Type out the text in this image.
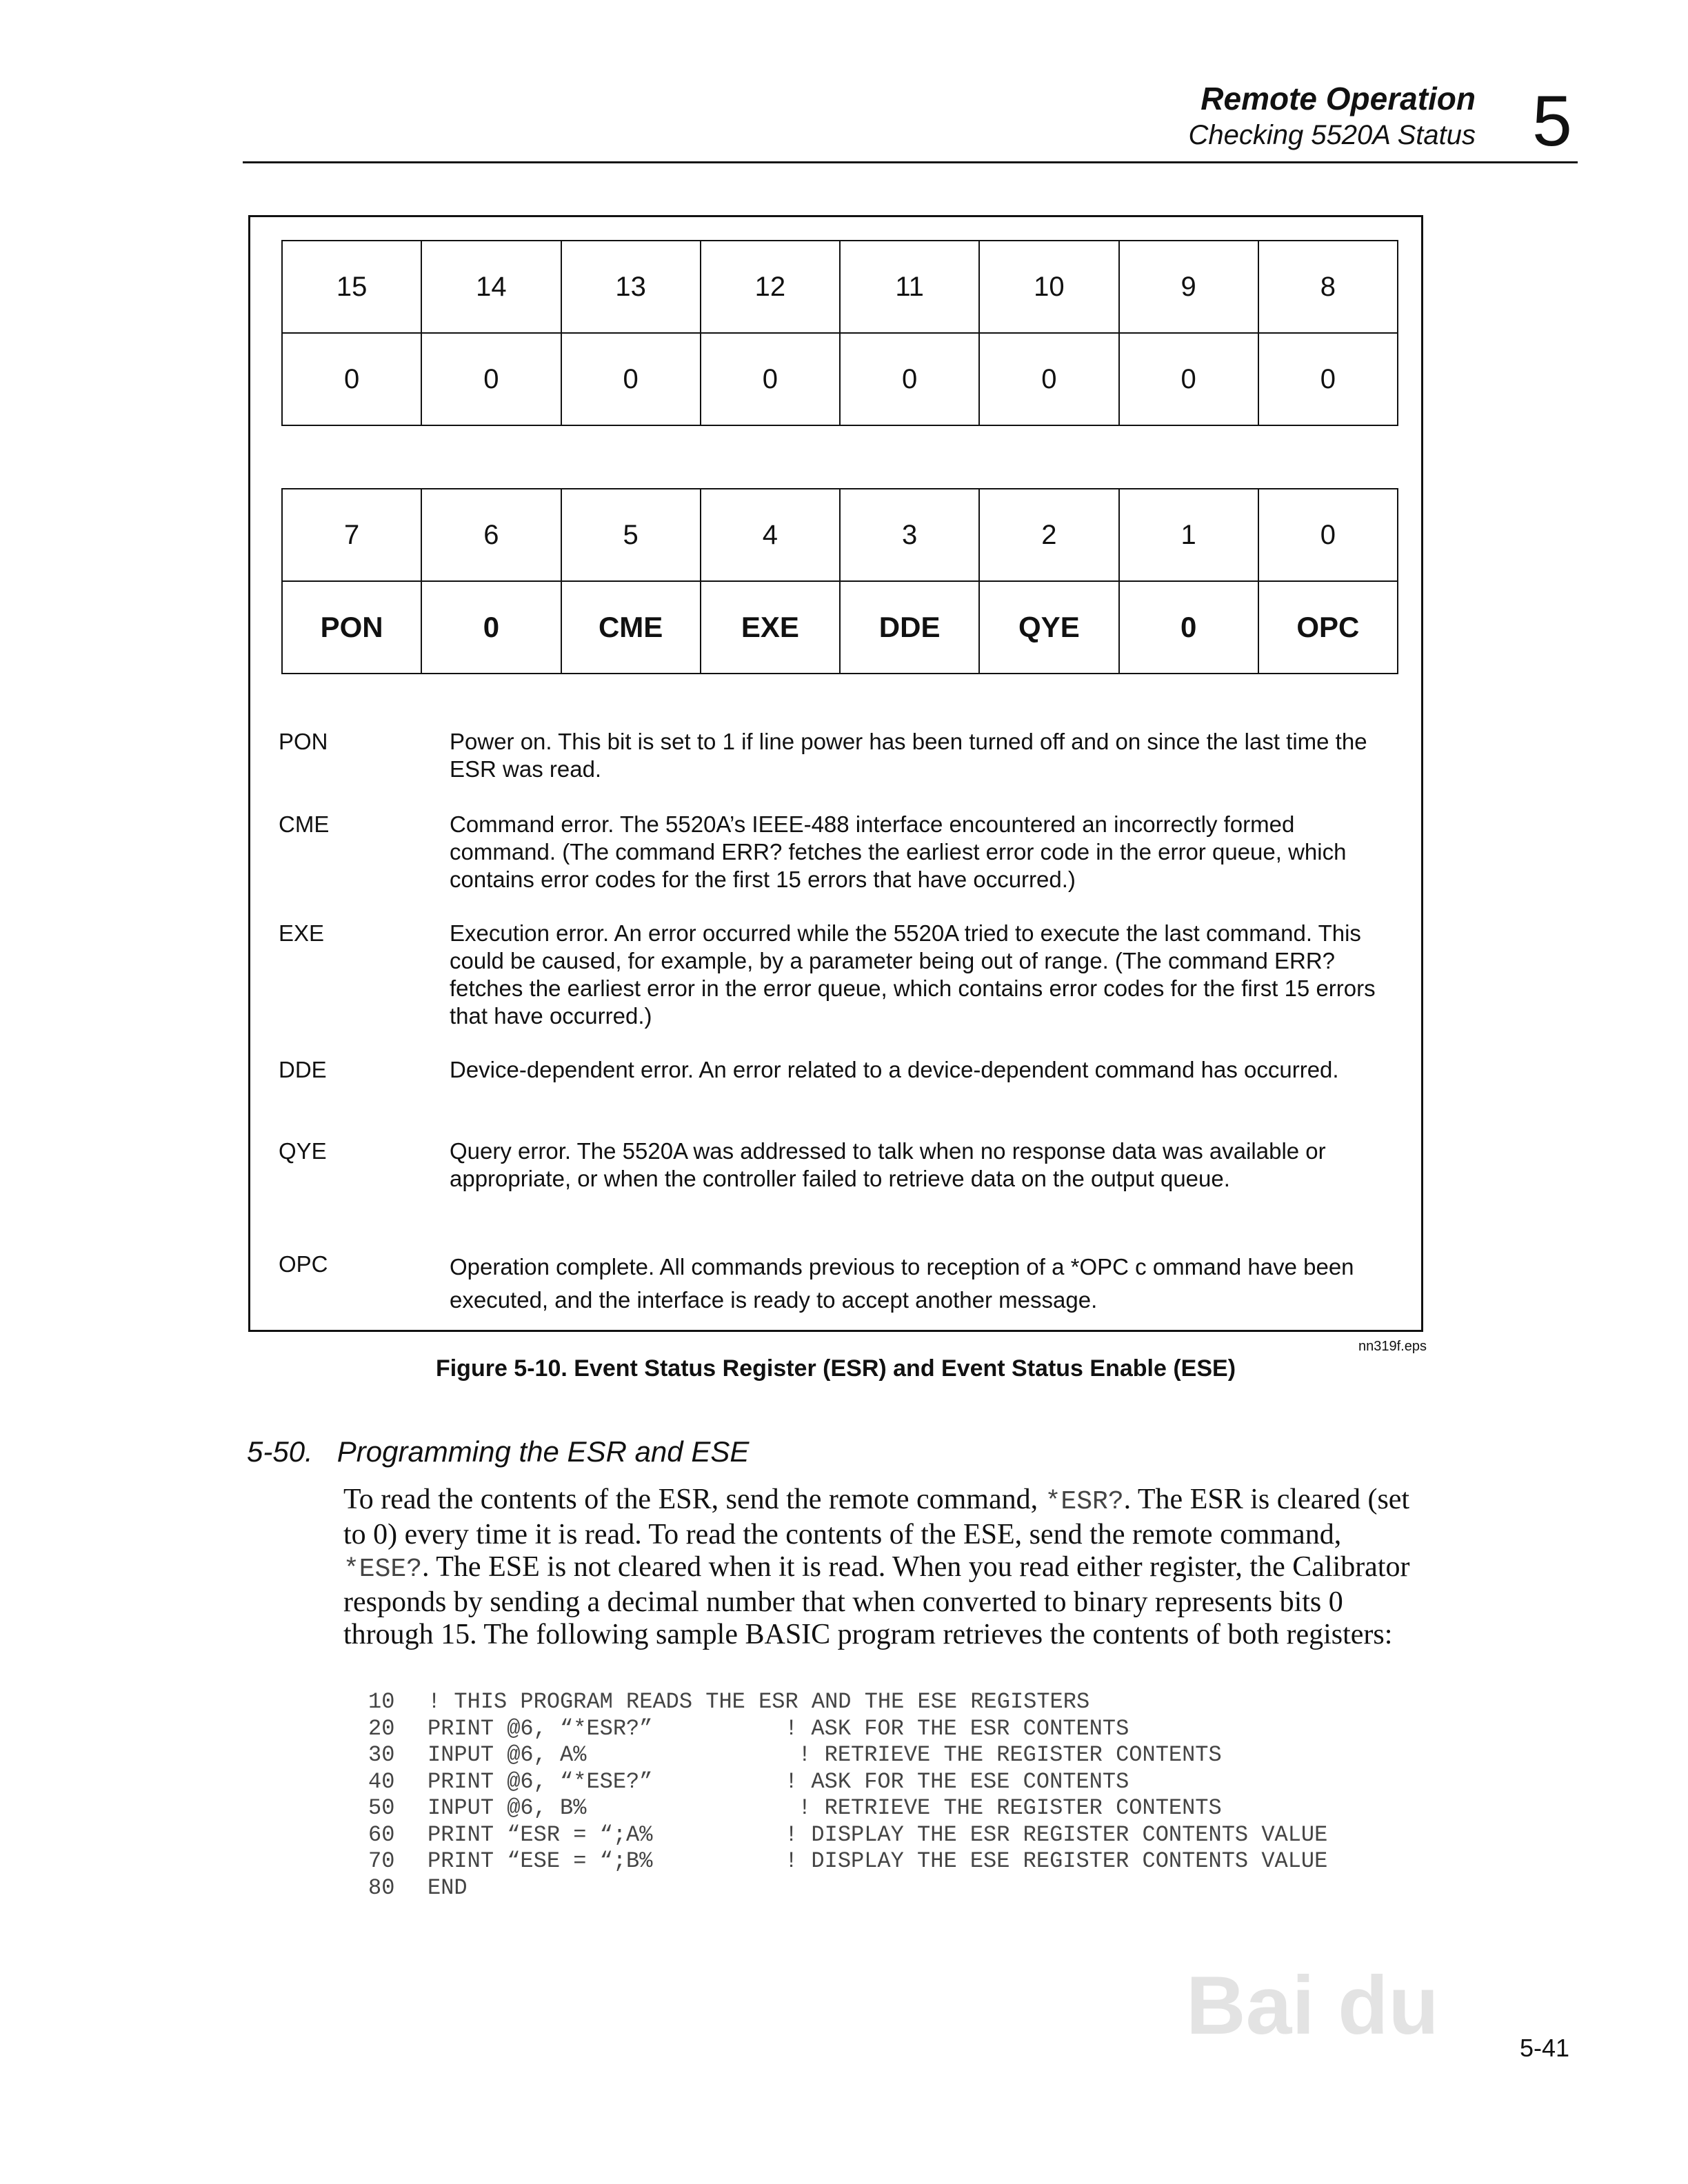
Remote Operation
Checking 5520A Status 5
15	14	13	12	11	10	9	8
0	0	0	0	0	0	0	0
7	6	5	4	3	2	1	0
PON	0	CME	EXE	DDE	QYE	0	OPC
PON	Power on. This bit is set to 1 if line power has been turned off and on since the last time the ESR was read.
CME	Command error. The 5520A’s IEEE-488 interface encountered an incorrectly formed command. (The command ERR? fetches the earliest error code in the error queue, which contains error codes for the first 15 errors that have occurred.)
EXE	Execution error. An error occurred while the 5520A tried to execute the last command. This could be caused, for example, by a parameter being out of range. (The command ERR? fetches the earliest error in the error queue, which contains error codes for the first 15 errors that have occurred.)
DDE	Device-dependent error. An error related to a device-dependent command has occurred.
QYE	Query error. The 5520A was addressed to talk when no response data was available or appropriate, or when the controller failed to retrieve data on the output queue.
OPC	Operation complete. All commands previous to reception of a *OPC c ommand have been executed, and the interface is ready to accept another message.
nn319f.eps
Figure 5-10. Event Status Register (ESR) and Event Status Enable (ESE)
5-50.   Programming the ESR and ESE
To read the contents of the ESR, send the remote command, *ESR?. The ESR is cleared (set to 0) every time it is read. To read the contents of the ESE, send the remote command, *ESE?. The ESE is not cleared when it is read. When you read either register, the Calibrator responds by sending a decimal number that when converted to binary represents bits 0 through 15. The following sample BASIC program retrieves the contents of both registers:
10 ! THIS PROGRAM READS THE ESR AND THE ESE REGISTERS
20 PRINT @6, “*ESR?”	! ASK FOR THE ESR CONTENTS
30 INPUT @6, A%	! RETRIEVE THE REGISTER CONTENTS
40 PRINT @6, “*ESE?”	! ASK FOR THE ESE CONTENTS
50 INPUT @6, B%	! RETRIEVE THE REGISTER CONTENTS
60 PRINT “ESR = “;A%	! DISPLAY THE ESR REGISTER CONTENTS VALUE
70 PRINT “ESE = “;B%	! DISPLAY THE ESE REGISTER CONTENTS VALUE
80 END
Bai du	5-41
